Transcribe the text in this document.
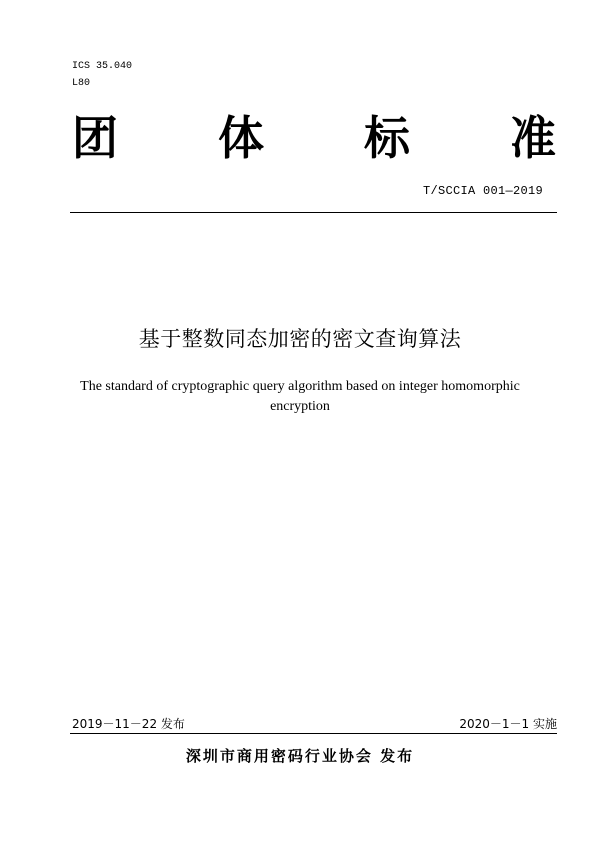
ICS 35.040
L80
团 体 标 准
T/SCCIA 001—2019
基于整数同态加密的密文查询算法
The standard of cryptographic query algorithm based on integer homomorphic
encryption
2019－11－22 发布	2020－1－1 实施
深圳市商用密码行业协会 发布
